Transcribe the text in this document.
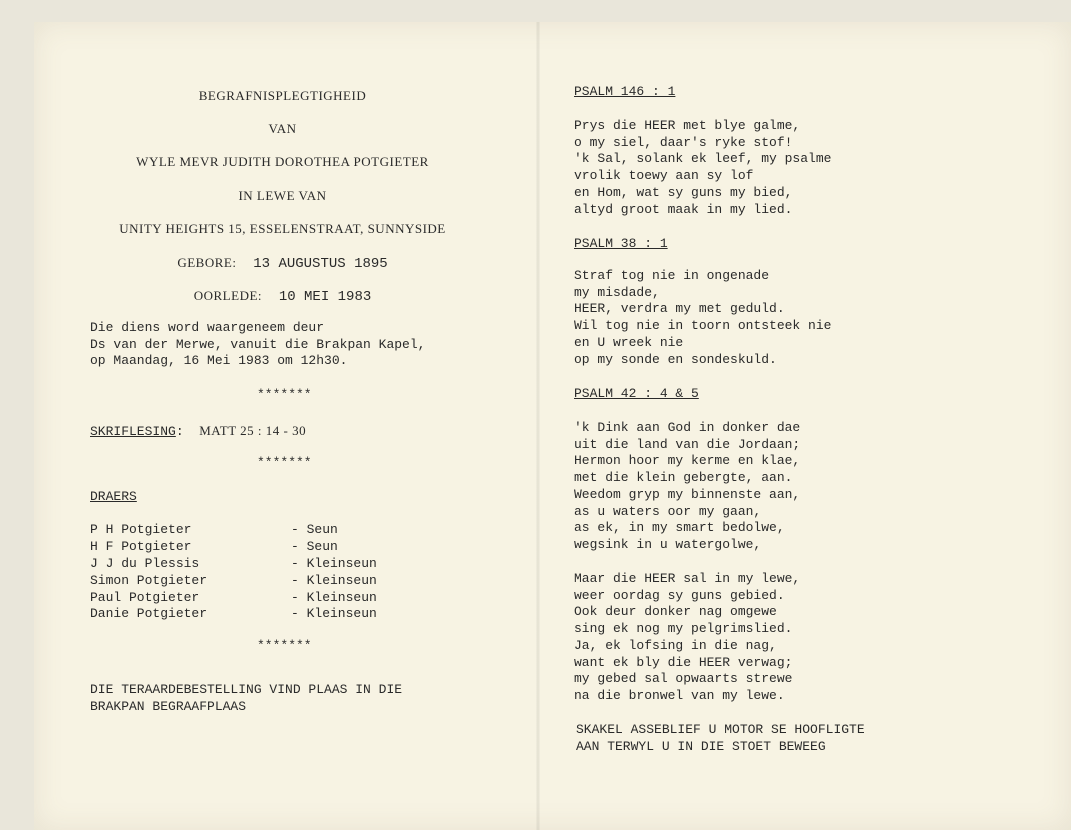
BEGRAFNISPLEGTIGHEID
VAN
WYLE MEVR JUDITH DOROTHEA POTGIETER
IN LEWE VAN
UNITY HEIGHTS 15, ESSELENSTRAAT, SUNNYSIDE
GEBORE: 13 AUGUSTUS 1895
OORLEDE: 10 MEI 1983
Die diens word waargeneem deur
Ds van der Merwe, vanuit die Brakpan Kapel,
op Maandag, 16 Mei 1983 om 12h30.
*******
SKRIFLESING: MATT 25 : 14 - 30
*******
DRAERS
P H Potgieter	- Seun
H F Potgieter	- Seun
J J du Plessis	- Kleinseun
Simon Potgieter	- Kleinseun
Paul Potgieter	- Kleinseun
Danie Potgieter	- Kleinseun
*******
DIE TERAARDEBESTELLING VIND PLAAS IN DIE
BRAKPAN BEGRAAFPLAAS
PSALM 146 : 1
Prys die HEER met blye galme,
o my siel, daar's ryke stof!
'k Sal, solank ek leef, my psalme
vrolik toewy aan sy lof
en Hom, wat sy guns my bied,
altyd groot maak in my lied.
PSALM 38 : 1
Straf tog nie in ongenade
my misdade,
HEER, verdra my met geduld.
Wil tog nie in toorn ontsteek nie
en U wreek nie
op my sonde en sondeskuld.
PSALM 42 : 4 & 5
'k Dink aan God in donker dae
uit die land van die Jordaan;
Hermon hoor my kerme en klae,
met die klein gebergte, aan.
Weedom gryp my binnenste aan,
as u waters oor my gaan,
as ek, in my smart bedolwe,
wegsink in u watergolwe,
Maar die HEER sal in my lewe,
weer oordag sy guns gebied.
Ook deur donker nag omgewe
sing ek nog my pelgrimslied.
Ja, ek lofsing in die nag,
want ek bly die HEER verwag;
my gebed sal opwaarts strewe
na die bronwel van my lewe.
SKAKEL ASSEBLIEF U MOTOR SE HOOFLIGTE
AAN TERWYL U IN DIE STOET BEWEEG
